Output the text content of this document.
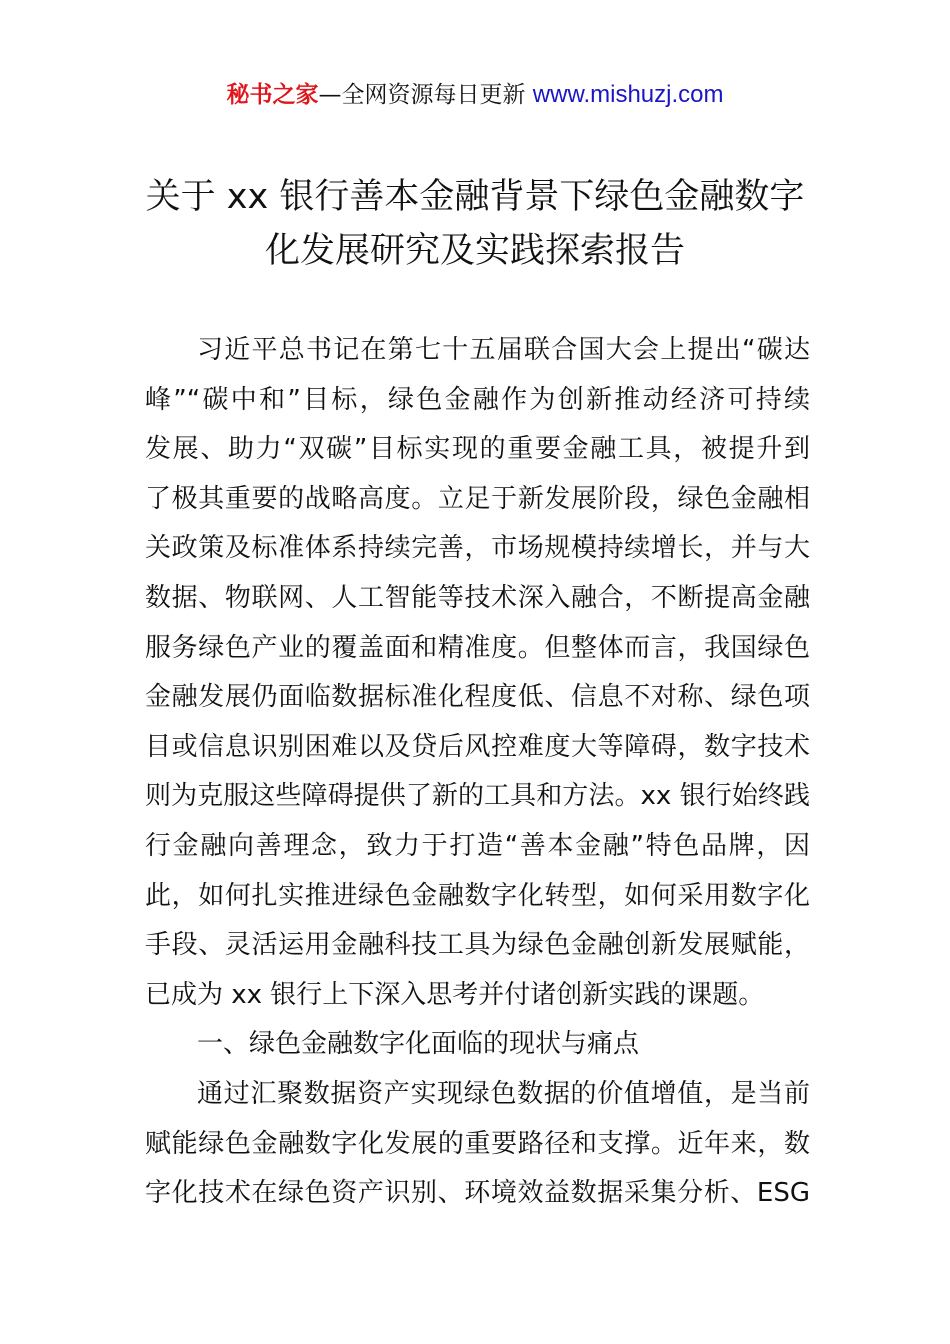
秘书之家—全网资源每日更新 www.mishuzj.com
关于 xx 银行善本金融背景下绿色金融数字
化发展研究及实践探索报告
习近平总书记在第七十五届联合国大会上提出“碳达
峰”“碳中和”目标，绿色金融作为创新推动经济可持续
发展、助力“双碳”目标实现的重要金融工具，被提升到
了极其重要的战略高度。立足于新发展阶段，绿色金融相
关政策及标准体系持续完善，市场规模持续增长，并与大
数据、物联网、人工智能等技术深入融合，不断提高金融
服务绿色产业的覆盖面和精准度。但整体而言，我国绿色
金融发展仍面临数据标准化程度低、信息不对称、绿色项
目或信息识别困难以及贷后风控难度大等障碍，数字技术
则为克服这些障碍提供了新的工具和方法。xx 银行始终践
行金融向善理念，致力于打造“善本金融”特色品牌，因
此，如何扎实推进绿色金融数字化转型，如何采用数字化
手段、灵活运用金融科技工具为绿色金融创新发展赋能，
已成为 xx 银行上下深入思考并付诸创新实践的课题。
一、绿色金融数字化面临的现状与痛点
通过汇聚数据资产实现绿色数据的价值增值，是当前
赋能绿色金融数字化发展的重要路径和支撑。近年来，数
字化技术在绿色资产识别、环境效益数据采集分析、ESG
